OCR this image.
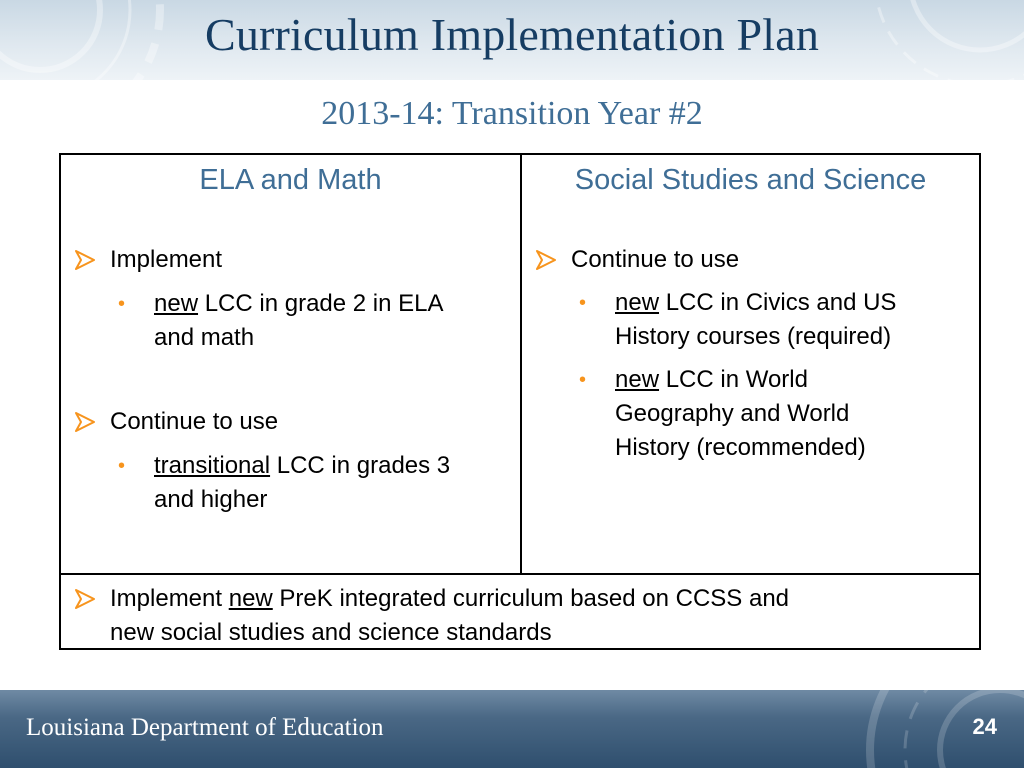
Curriculum Implementation Plan
2013-14: Transition Year #2
ELA and Math
Implement
• new LCC in grade 2 in ELA
and math
Continue to use
• transitional LCC in grades 3
and higher
Social Studies and Science
Continue to use
• new LCC in Civics and US
History courses (required)
• new LCC in World
Geography and World
History (recommended)
Implement new PreK integrated curriculum based on CCSS and
new social studies and science standards
Louisiana Department of Education	24
